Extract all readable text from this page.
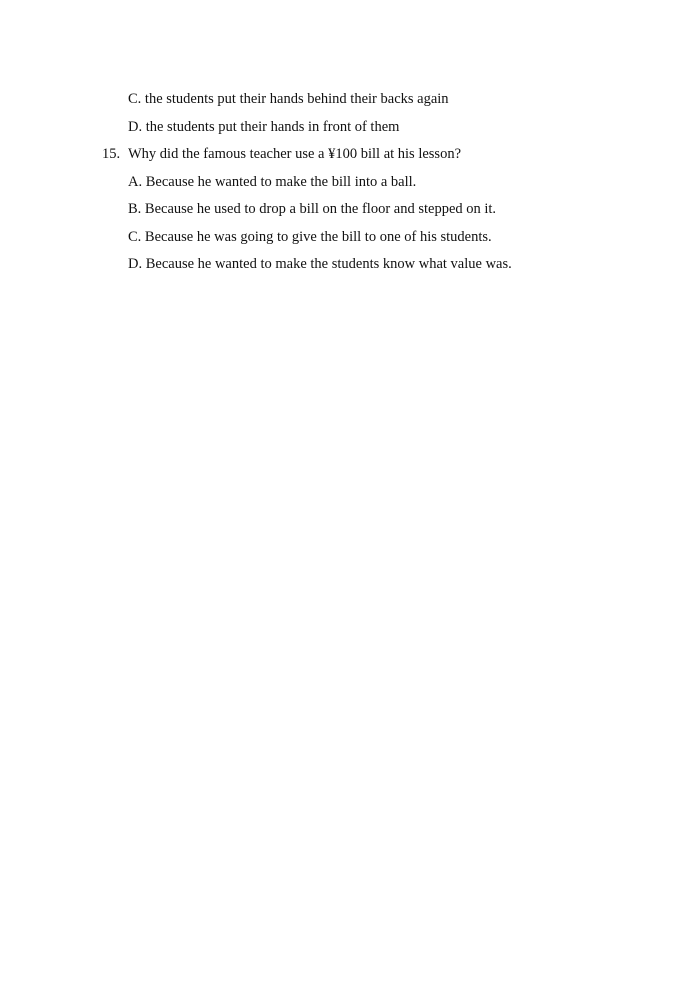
C. the students put their hands behind their backs again
D. the students put their hands in front of them
15. Why did the famous teacher use a ¥100 bill at his lesson?
A. Because he wanted to make the bill into a ball.
B. Because he used to drop a bill on the floor and stepped on it.
C. Because he was going to give the bill to one of his students.
D. Because he wanted to make the students know what value was.
